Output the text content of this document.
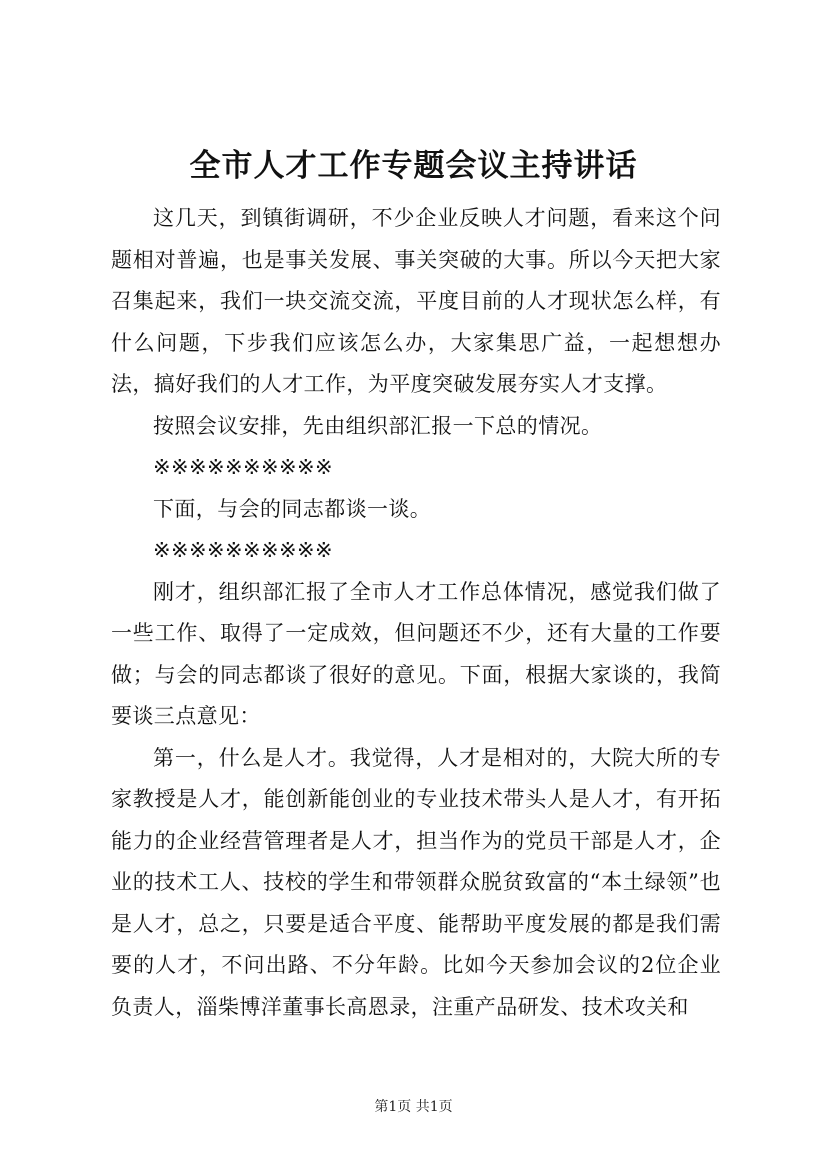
全市人才工作专题会议主持讲话

这几天，到镇街调研，不少企业反映人才问题，看来这个问题相对普遍，也是事关发展、事关突破的大事。所以今天把大家召集起来，我们一块交流交流，平度目前的人才现状怎么样，有什么问题，下步我们应该怎么办，大家集思广益，一起想想办法，搞好我们的人才工作，为平度突破发展夯实人才支撑。

按照会议安排，先由组织部汇报一下总的情况。

※※※※※※※※※※

下面，与会的同志都谈一谈。

※※※※※※※※※※

刚才，组织部汇报了全市人才工作总体情况，感觉我们做了一些工作、取得了一定成效，但问题还不少，还有大量的工作要做；与会的同志都谈了很好的意见。下面，根据大家谈的，我简要谈三点意见：

第一，什么是人才。我觉得，人才是相对的，大院大所的专家教授是人才，能创新能创业的专业技术带头人是人才，有开拓能力的企业经营管理者是人才，担当作为的党员干部是人才，企业的技术工人、技校的学生和带领群众脱贫致富的“本土绿领”也是人才，总之，只要是适合平度、能帮助平度发展的都是我们需要的人才，不问出路、不分年龄。比如今天参加会议的2位企业负责人，淄柴博洋董事长高恩录，注重产品研发、技术攻关和

第1页 共1页
